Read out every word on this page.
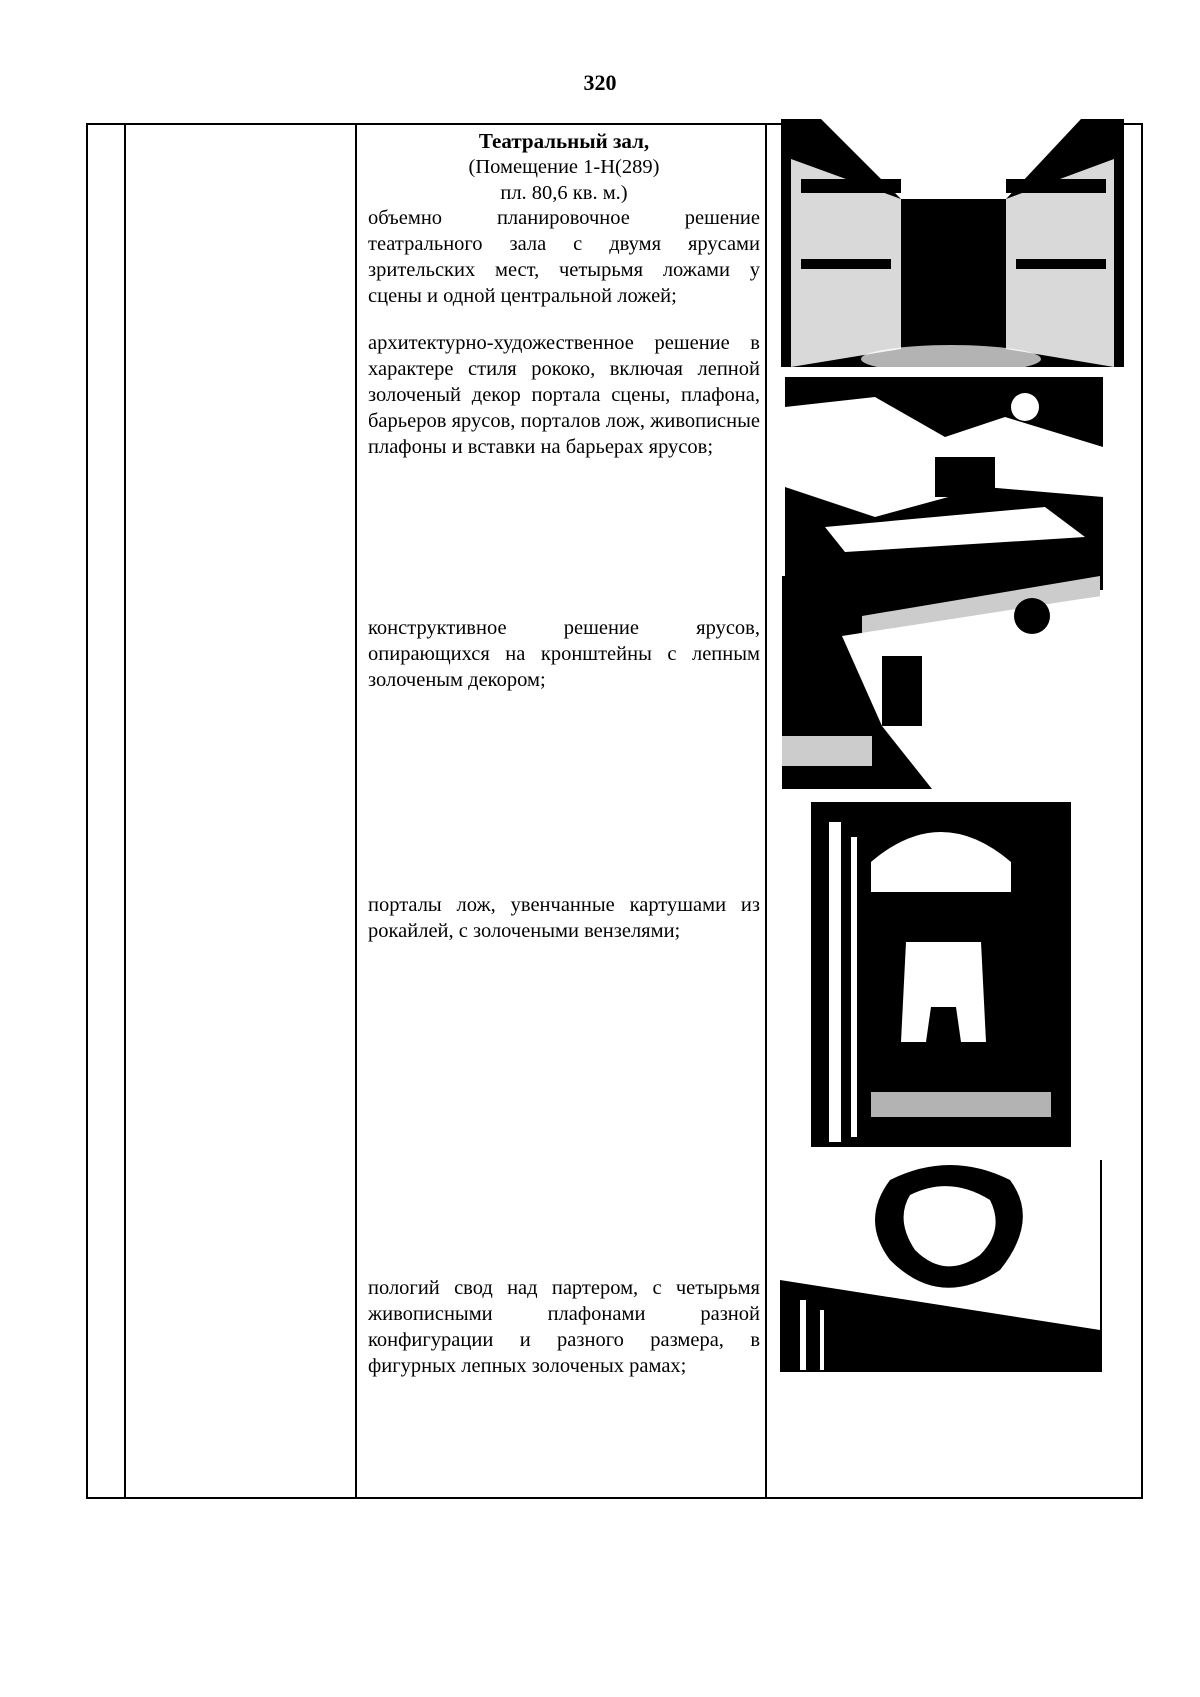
320
Театральный зал,
(Помещение 1-Н(289)
пл. 80,6 кв. м.)
объемно планировочное решение театрального зала с двумя ярусами зрительских мест, четырьмя ложами у сцены и одной центральной ложей;
архитектурно-художественное решение в характере стиля рококо, включая лепной золоченый декор портала сцены, плафона, барьеров ярусов, порталов лож, живописные плафоны и вставки на барьерах ярусов;
конструктивное решение ярусов, опирающихся на кронштейны с лепным золоченым декором;
порталы лож, увенчанные картушами из рокайлей, с золочеными вензелями;
пологий свод над партером, с четырьмя живописными плафонами разной конфигурации и разного размера, в фигурных лепных золоченых рамах;
